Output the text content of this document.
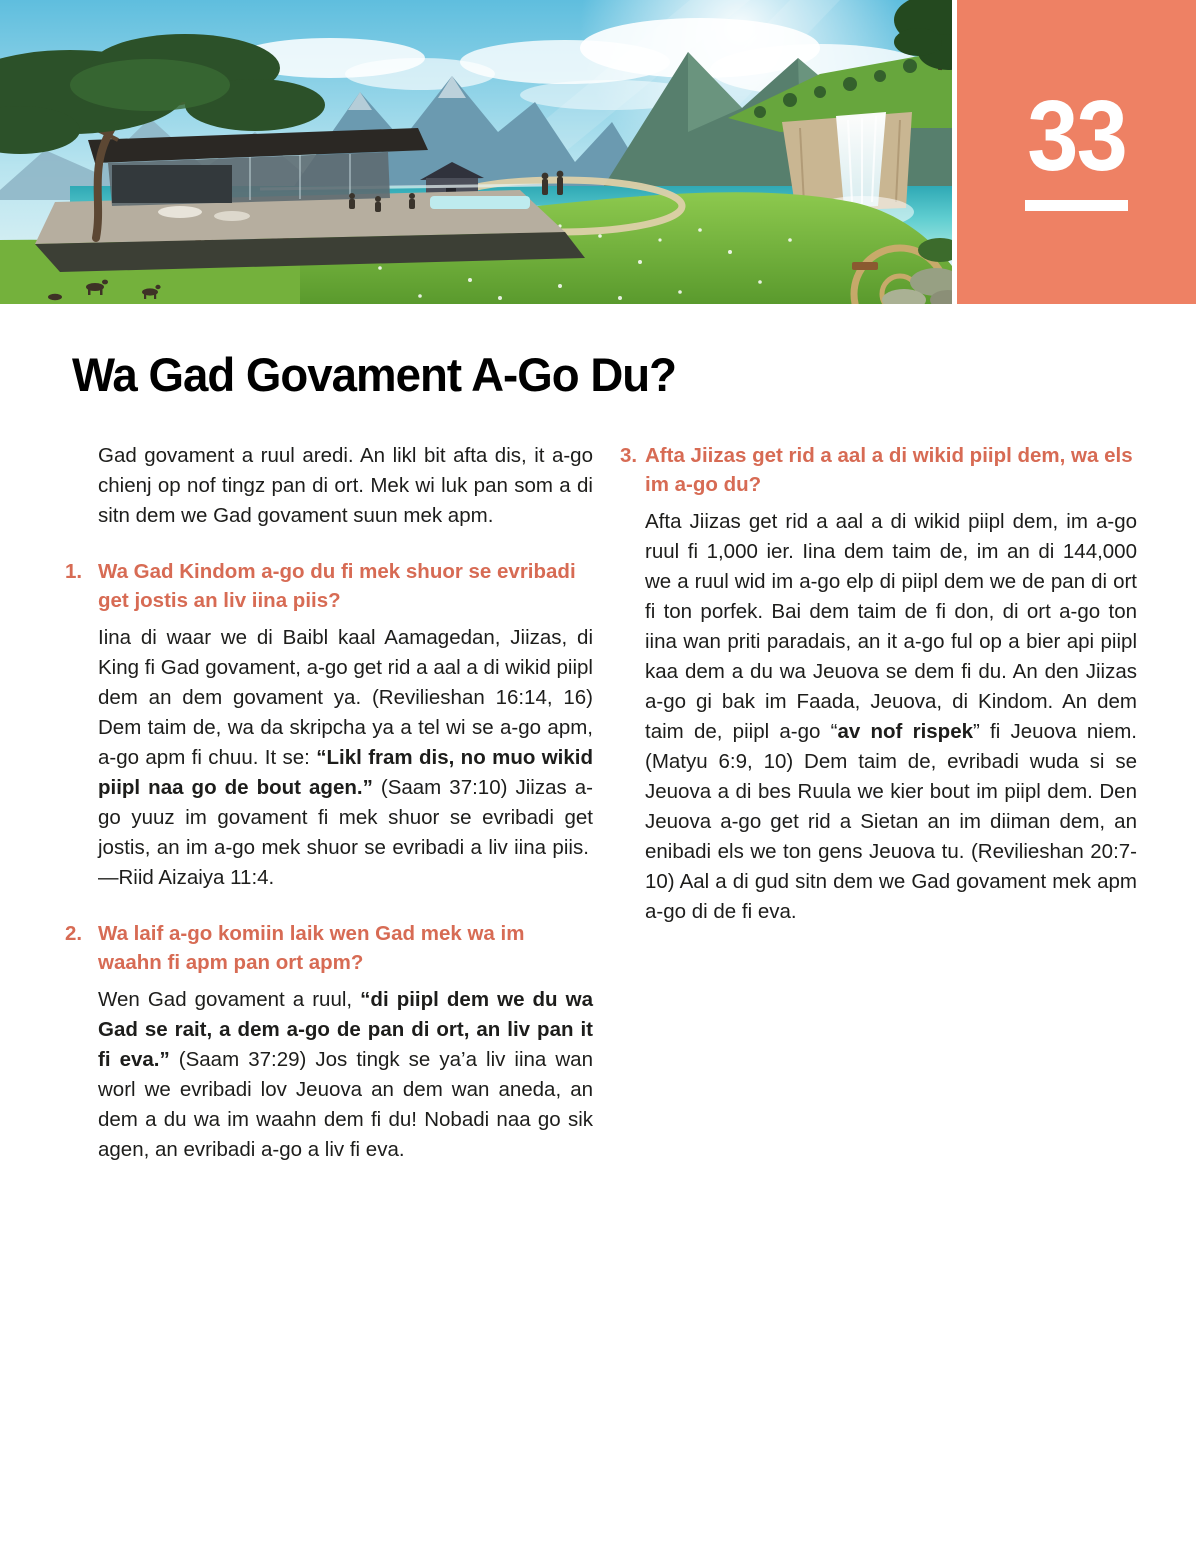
33
Wa Gad Govament A-Go Du?

Gad govament a ruul aredi. An likl bit afta dis, it a-go chienj op nof tingz pan di ort. Mek wi luk pan som a di sitn dem we Gad govament suun mek apm.

1. Wa Gad Kindom a-go du fi mek shuor se evribadi get jostis an liv iina piis?

Iina di waar we di Baibl kaal Aamagedan, Jiizas, di King fi Gad govament, a-go get rid a aal a di wikid piipl dem an dem govament ya. (Revilieshan 16:14, 16) Dem taim de, wa da skripcha ya a tel wi se a-go apm, a-go apm fi chuu. It se: “Likl fram dis, no muo wikid piipl naa go de bout agen.” (Saam 37:10) Jiizas a-go yuuz im govament fi mek shuor se evribadi get jostis, an im a-go mek shuor se evribadi a liv iina piis. —Riid Aizaiya 11:4.

2. Wa laif a-go komiin laik wen Gad mek wa im waahn fi apm pan ort apm?

Wen Gad govament a ruul, “di piipl dem we du wa Gad se rait, a dem a-go de pan di ort, an liv pan it fi eva.” (Saam 37:29) Jos tingk se ya’a liv iina wan worl we evribadi lov Jeuova an dem wan aneda, an dem a du wa im waahn dem fi du! Nobadi naa go sik agen, an evribadi a-go a liv fi eva.

3. Afta Jiizas get rid a aal a di wikid piipl dem, wa els im a-go du?

Afta Jiizas get rid a aal a di wikid piipl dem, im a-go ruul fi 1,000 ier. Iina dem taim de, im an di 144,000 we a ruul wid im a-go elp di piipl dem we de pan di ort fi ton porfek. Bai dem taim de fi don, di ort a-go ton iina wan priti paradais, an it a-go ful op a bier api piipl kaa dem a du wa Jeuova se dem fi du. An den Jiizas a-go gi bak im Faada, Jeuova, di Kindom. An dem taim de, piipl a-go “av nof rispek” fi Jeuova niem. (Matyu 6:9, 10) Dem taim de, evribadi wuda si se Jeuova a di bes Ruula we kier bout im piipl dem. Den Jeuova a-go get rid a Sietan an im diiman dem, an enibadi els we ton gens Jeuova tu. (Revilieshan 20:7-10) Aal a di gud sitn dem we Gad govament mek apm a-go di de fi eva.
